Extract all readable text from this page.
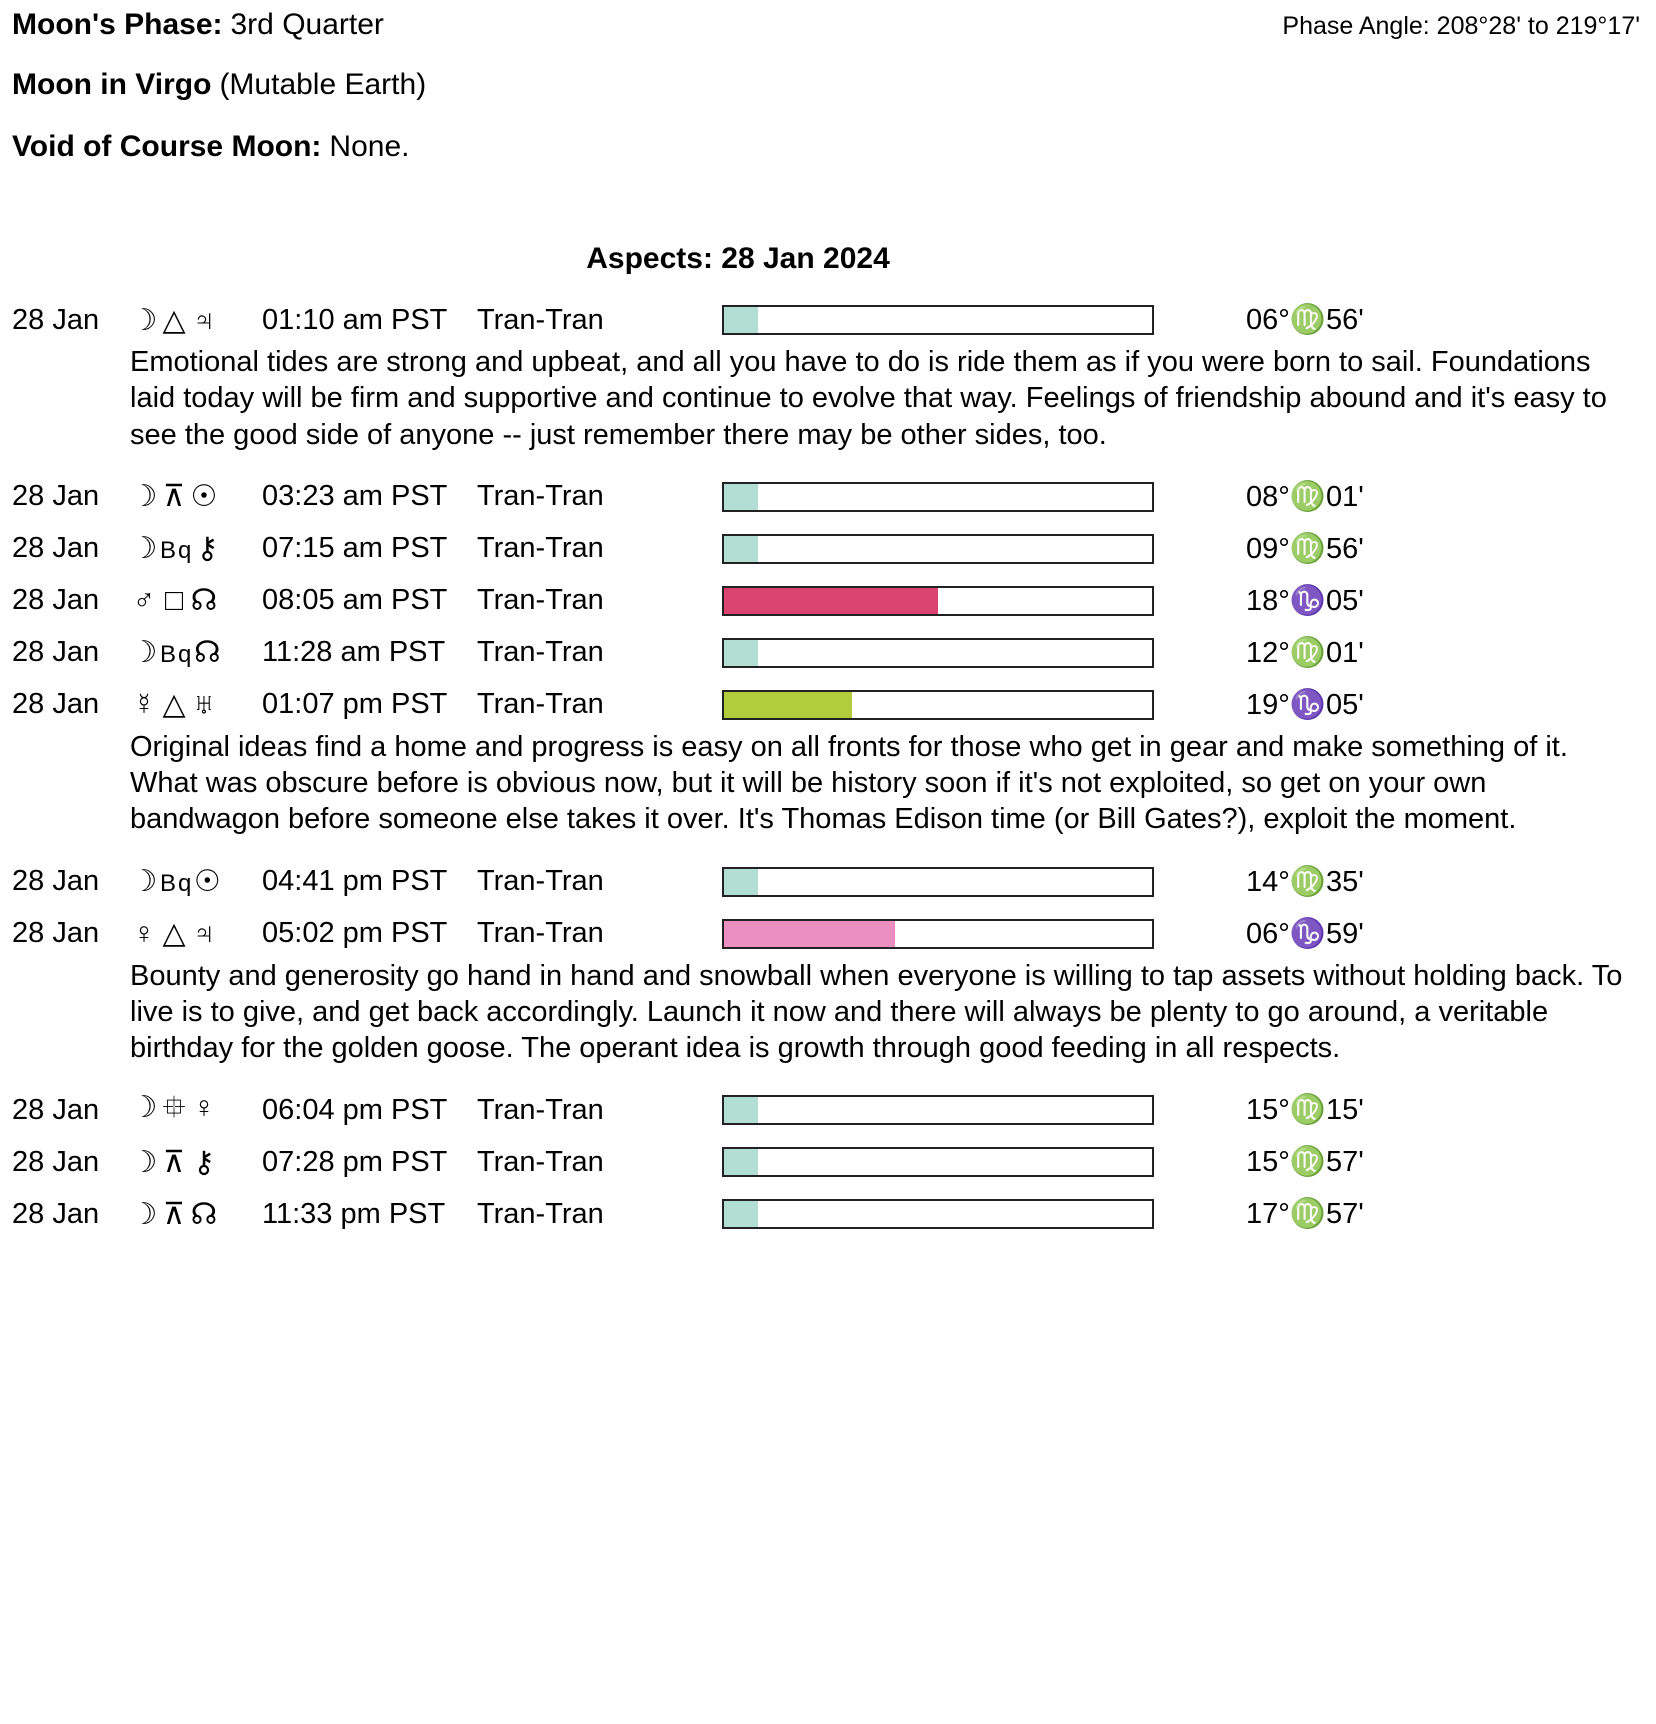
Moon's Phase: 3rd Quarter	Phase Angle: 208°28' to 219°17'
Moon in Virgo (Mutable Earth)
Void of Course Moon: None.
Aspects: 28 Jan 2024
28 Jan	☽ △ ♃	01:10 am PST	Tran-Tran	06°♍56'
Emotional tides are strong and upbeat, and all you have to do is ride them as if you were born to sail. Foundations laid today will be firm and supportive and continue to evolve that way. Feelings of friendship abound and it's easy to see the good side of anyone -- just remember there may be other sides, too.
28 Jan	☽ ⊼ ☉	03:23 am PST	Tran-Tran	08°♍01'
28 Jan	☽Bq ⚷	07:15 am PST	Tran-Tran	09°♍56'
28 Jan	♂ □ ☊	08:05 am PST	Tran-Tran	18°♑05'
28 Jan	☽Bq☊	11:28 am PST	Tran-Tran	12°♍01'
28 Jan	☿ △ ♅	01:07 pm PST	Tran-Tran	19°♑05'
Original ideas find a home and progress is easy on all fronts for those who get in gear and make something of it. What was obscure before is obvious now, but it will be history soon if it's not exploited, so get on your own bandwagon before someone else takes it over. It's Thomas Edison time (or Bill Gates?), exploit the moment.
28 Jan	☽Bq☉	04:41 pm PST	Tran-Tran	14°♍35'
28 Jan	♀ △ ♃	05:02 pm PST	Tran-Tran	06°♑59'
Bounty and generosity go hand in hand and snowball when everyone is willing to tap assets without holding back. To live is to give, and get back accordingly. Launch it now and there will always be plenty to go around, a veritable birthday for the golden goose. The operant idea is growth through good feeding in all respects.
28 Jan	☽ ⯐ ♀	06:04 pm PST	Tran-Tran	15°♍15'
28 Jan	☽ ⊼ ⚷	07:28 pm PST	Tran-Tran	15°♍57'
28 Jan	☽ ⊼ ☊	11:33 pm PST	Tran-Tran	17°♍57'
